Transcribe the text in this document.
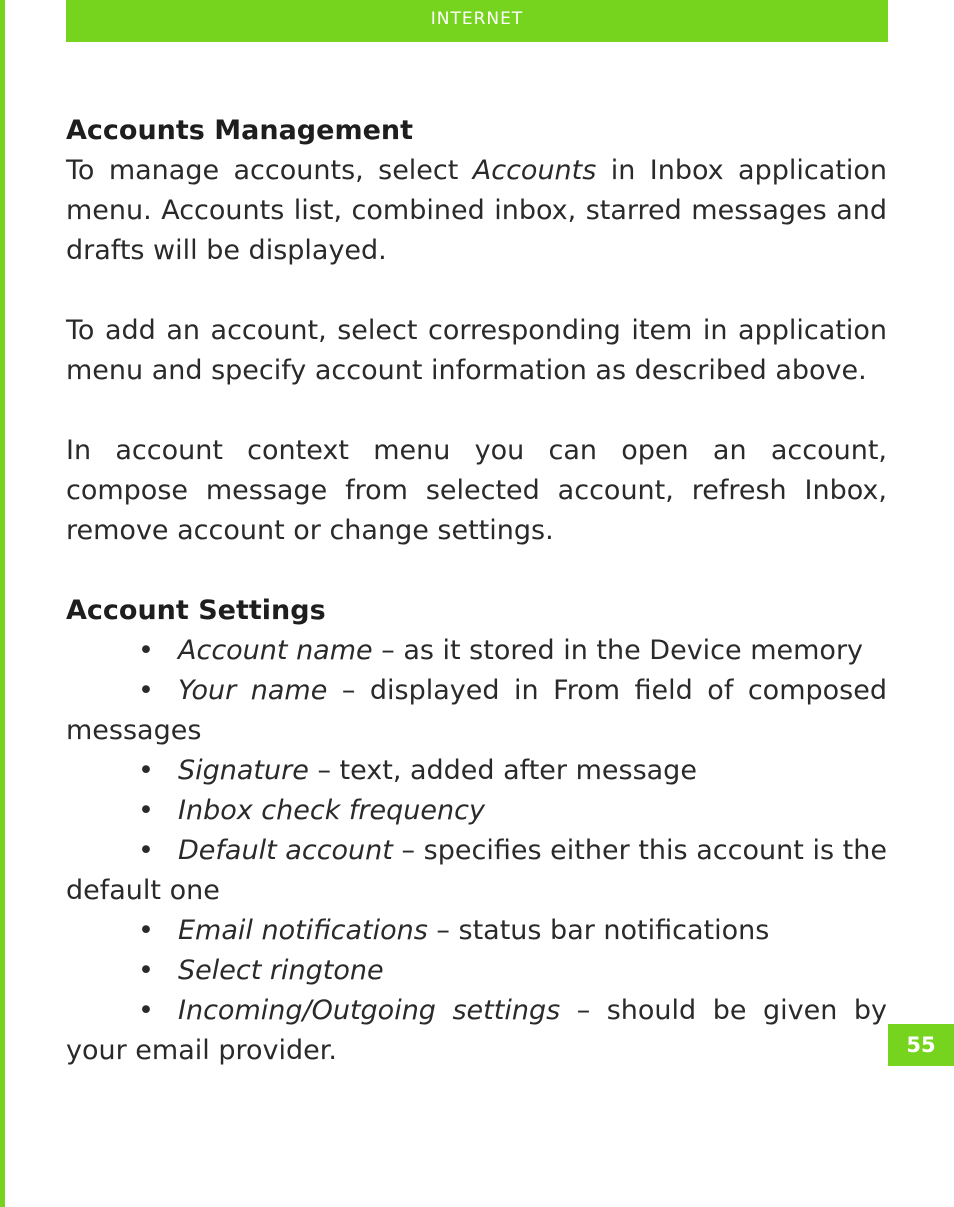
INTERNET
55
Accounts Management

To manage accounts, select Accounts in Inbox application menu. Accounts list, combined inbox, starred messages and drafts will be displayed.

To add an account, select corresponding item in application menu and specify account information as described above.

In account context menu you can open an account, compose message from selected account, refresh Inbox, remove account or change settings.

Account Settings

• Account name – as it stored in the Device memory

• Your name – displayed in From field of composed messages

• Signature – text, added after message

• Inbox check frequency

• Default account – specifies either this account is the default one

• Email notifications – status bar notifications

• Select ringtone

• Incoming/Outgoing settings – should be given by your email provider.
